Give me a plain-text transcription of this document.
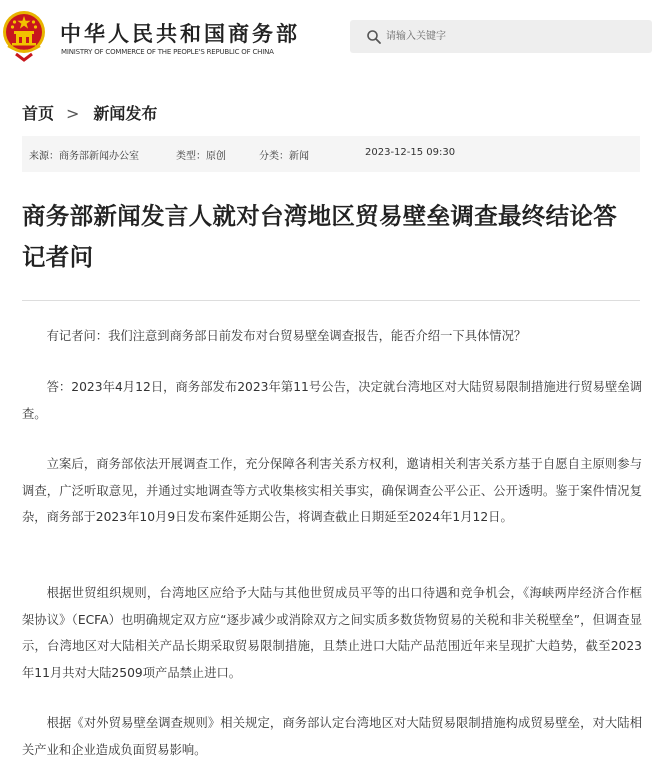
中华人民共和国商务部
MINISTRY OF COMMERCE OF THE PEOPLE'S REPUBLIC OF CHINA
请输入关键字
首页 > 新闻发布
来源：商务部新闻办公室	类型：原创	分类：新闻	2023-12-15 09:30
商务部新闻发言人就对台湾地区贸易壁垒调查最终结论答记者问

有记者问：我们注意到商务部日前发布对台贸易壁垒调查报告，能否介绍一下具体情况？

答：2023年4月12日，商务部发布2023年第11号公告，决定就台湾地区对大陆贸易限制措施进行贸易壁垒调查。

立案后，商务部依法开展调查工作，充分保障各利害关系方权利，邀请相关利害关系方基于自愿自主原则参与调查，广泛听取意见，并通过实地调查等方式收集核实相关事实，确保调查公平公正、公开透明。鉴于案件情况复杂，商务部于2023年10月9日发布案件延期公告，将调查截止日期延至2024年1月12日。

根据世贸组织规则，台湾地区应给予大陆与其他世贸成员平等的出口待遇和竞争机会，《海峡两岸经济合作框架协议》（ECFA）也明确规定双方应“逐步减少或消除双方之间实质多数货物贸易的关税和非关税壁垒”，但调查显示，台湾地区对大陆相关产品长期采取贸易限制措施，且禁止进口大陆产品范围近年来呈现扩大趋势，截至2023年11月共对大陆2509项产品禁止进口。

根据《对外贸易壁垒调查规则》相关规定，商务部认定台湾地区对大陆贸易限制措施构成贸易壁垒，对大陆相关产业和企业造成负面贸易影响。
